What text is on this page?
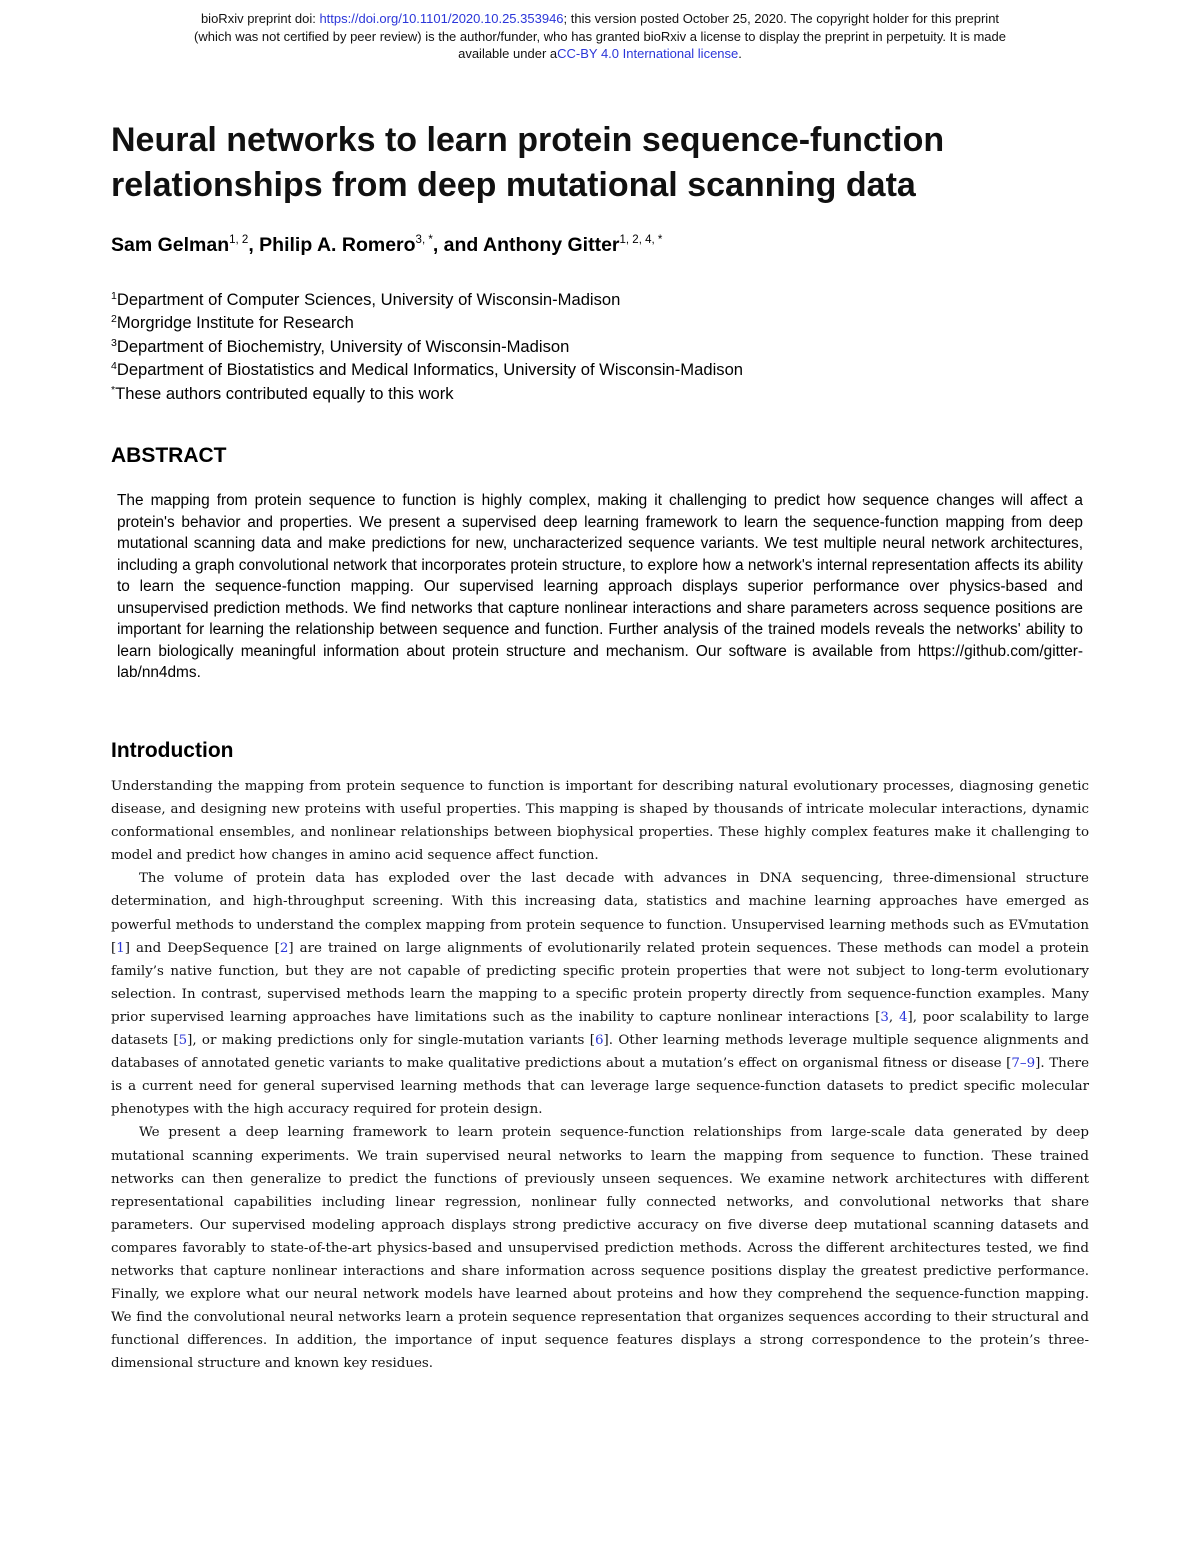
bioRxiv preprint doi: https://doi.org/10.1101/2020.10.25.353946; this version posted October 25, 2020. The copyright holder for this preprint
(which was not certified by peer review) is the author/funder, who has granted bioRxiv a license to display the preprint in perpetuity. It is made
available under aCC-BY 4.0 International license.
Neural networks to learn protein sequence-function
relationships from deep mutational scanning data
Sam Gelman$^{1, 2}$, Philip A. Romero$^{3, *}$, and Anthony Gitter$^{1, 2, 4, *}$
$^1$Department of Computer Sciences, University of Wisconsin-Madison
$^2$Morgridge Institute for Research
$^3$Department of Biochemistry, University of Wisconsin-Madison
$^4$Department of Biostatistics and Medical Informatics, University of Wisconsin-Madison
*These authors contributed equally to this work
ABSTRACT

The mapping from protein sequence to function is highly complex, making it challenging to predict how sequence changes will affect a protein's behavior and properties. We present a supervised deep learning framework to learn the sequence-function mapping from deep mutational scanning data and make predictions for new, uncharacterized sequence variants. We test multiple neural network architectures, including a graph convolutional network that incorporates protein structure, to explore how a network's internal representation affects its ability to learn the sequence-function mapping. Our supervised learning approach displays superior performance over physics-based and unsupervised prediction methods. We find networks that capture nonlinear interactions and share parameters across sequence positions are important for learning the relationship between sequence and function. Further analysis of the trained models reveals the networks' ability to learn biologically meaningful information about protein structure and mechanism. Our software is available from https://github.com/gitter-lab/nn4dms.

Introduction

Understanding the mapping from protein sequence to function is important for describing natural evolutionary processes, diagnosing genetic disease, and designing new proteins with useful properties. This mapping is shaped by thousands of intricate molecular interactions, dynamic conformational ensembles, and nonlinear relationships between biophysical properties. These highly complex features make it challenging to model and predict how changes in amino acid sequence affect function.

The volume of protein data has exploded over the last decade with advances in DNA sequencing, three-dimensional structure determination, and high-throughput screening. With this increasing data, statistics and machine learning approaches have emerged as powerful methods to understand the complex mapping from protein sequence to function. Unsupervised learning methods such as EVmutation [1] and DeepSequence [2] are trained on large alignments of evolutionarily related protein sequences. These methods can model a protein family’s native function, but they are not capable of predicting specific protein properties that were not subject to long-term evolutionary selection. In contrast, supervised methods learn the mapping to a specific protein property directly from sequence-function examples. Many prior supervised learning approaches have limitations such as the inability to capture nonlinear interactions [3, 4], poor scalability to large datasets [5], or making predictions only for single-mutation variants [6]. Other learning methods leverage multiple sequence alignments and databases of annotated genetic variants to make qualitative predictions about a mutation’s effect on organismal fitness or disease [7–9]. There is a current need for general supervised learning methods that can leverage large sequence-function datasets to predict specific molecular phenotypes with the high accuracy required for protein design.

We present a deep learning framework to learn protein sequence-function relationships from large-scale data generated by deep mutational scanning experiments. We train supervised neural networks to learn the mapping from sequence to function. These trained networks can then generalize to predict the functions of previously unseen sequences. We examine network architectures with different representational capabilities including linear regression, nonlinear fully connected networks, and convolutional networks that share parameters. Our supervised modeling approach displays strong predictive accuracy on five diverse deep mutational scanning datasets and compares favorably to state-of-the-art physics-based and unsupervised prediction methods. Across the different architectures tested, we find networks that capture nonlinear interactions and share information across sequence positions display the greatest predictive performance. Finally, we explore what our neural network models have learned about proteins and how they comprehend the sequence-function mapping. We find the convolutional neural networks learn a protein sequence representation that organizes sequences according to their structural and functional differences. In addition, the importance of input sequence features displays a strong correspondence to the protein’s three-dimensional structure and known key residues.
